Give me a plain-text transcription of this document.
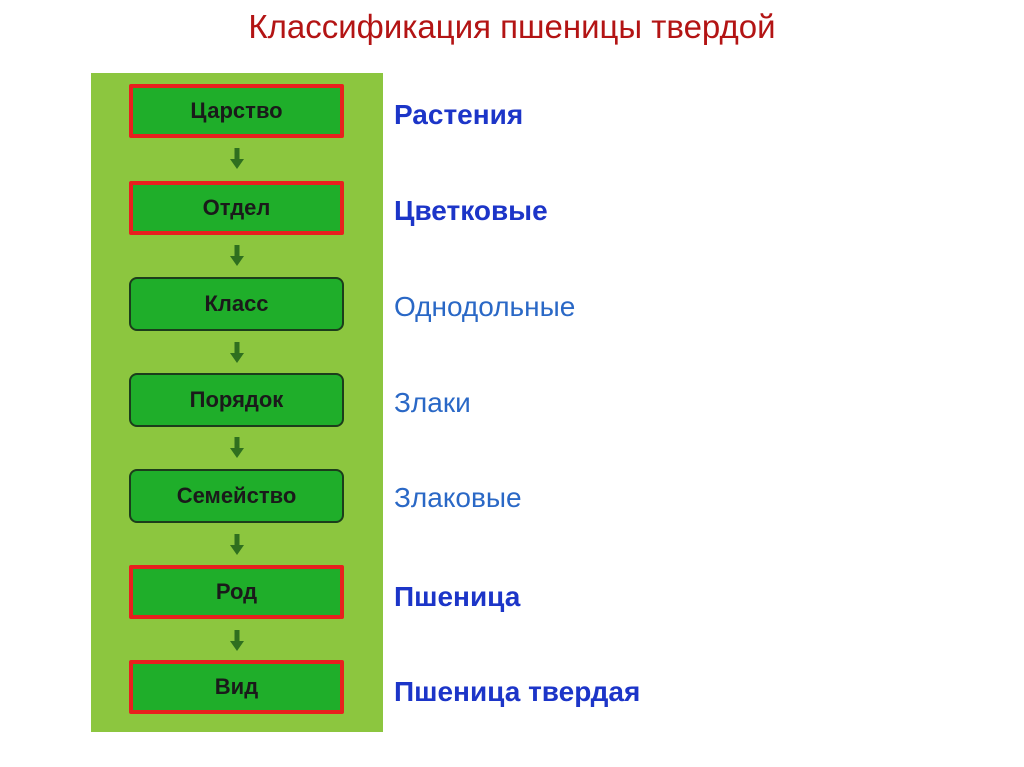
Классификация пшеницы твердой
Царство
Отдел
Класс
Порядок
Семейство
Род
Вид
Растения
Цветковые
Однодольные
Злаки
Злаковые
Пшеница
Пшеница твердая
